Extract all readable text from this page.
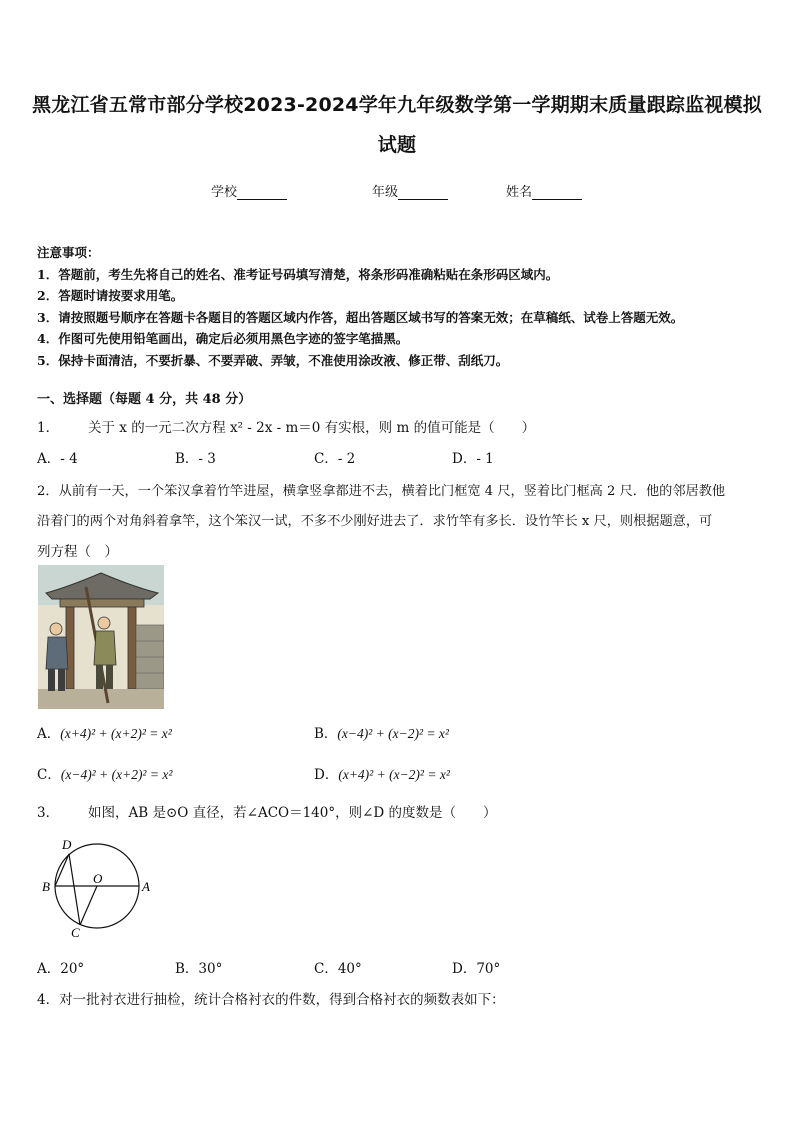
黑龙江省五常市部分学校2023-2024学年九年级数学第一学期期末质量跟踪监视模拟
试题
学校	年级	姓名
注意事项：
1．答题前，考生先将自己的姓名、准考证号码填写清楚，将条形码准确粘贴在条形码区域内。
2．答题时请按要求用笔。
3．请按照题号顺序在答题卡各题目的答题区域内作答，超出答题区域书写的答案无效；在草稿纸、试卷上答题无效。
4．作图可先使用铅笔画出，确定后必须用黑色字迹的签字笔描黑。
5．保持卡面清洁，不要折暴、不要弄破、弄皱，不准使用涂改液、修正带、刮纸刀。
一、选择题（每题 4 分，共 48 分）
1． 关于 x 的一元二次方程 x² - 2x - m＝0 有实根，则 m 的值可能是（　　）
A．- 4	B．- 3	C．- 2	D．- 1
2．从前有一天，一个笨汉拿着竹竿进屋，横拿竖拿都进不去，横着比门框宽 4 尺，竖着比门框高 2 尺．他的邻居教他
沿着门的两个对角斜着拿竿，这个笨汉一试，不多不少刚好进去了．求竹竿有多长．设竹竿长 x 尺，则根据题意，可
列方程（　）
A．(x+4)² + (x+2)² = x²	B．(x−4)² + (x−2)² = x²
C．(x−4)² + (x+2)² = x²	D．(x+4)² + (x−2)² = x²
3． 如图，AB 是⊙O 直径，若∠ACO＝140°，则∠D 的度数是（　　）
D
B
O
A
C
A．20°	B．30°	C．40°	D．70°
4．对一批衬衣进行抽检，统计合格衬衣的件数，得到合格衬衣的频数表如下：
